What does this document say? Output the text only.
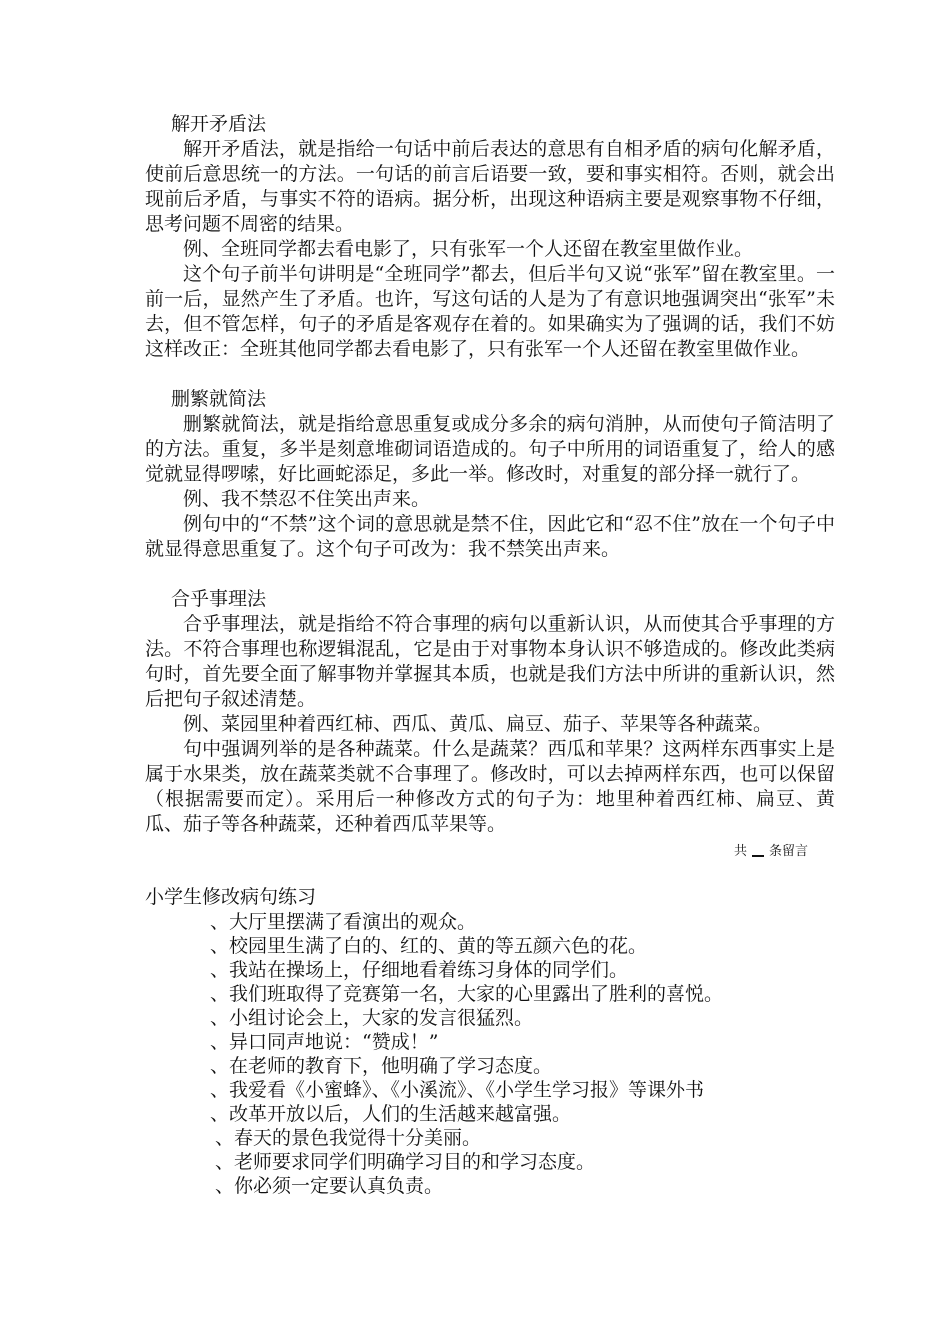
解开矛盾法

解开矛盾法，就是指给一句话中前后表达的意思有自相矛盾的病句化解矛盾，使前后意思统一的方法。一句话的前言后语要一致，要和事实相符。否则，就会出现前后矛盾，与事实不符的语病。据分析，出现这种语病主要是观察事物不仔细，思考问题不周密的结果。

例、全班同学都去看电影了，只有张军一个人还留在教室里做作业。

这个句子前半句讲明是“全班同学”都去，但后半句又说“张军”留在教室里。一前一后，显然产生了矛盾。也许，写这句话的人是为了有意识地强调突出“张军”未去，但不管怎样，句子的矛盾是客观存在着的。如果确实为了强调的话，我们不妨这样改正：全班其他同学都去看电影了，只有张军一个人还留在教室里做作业。

删繁就简法

删繁就简法，就是指给意思重复或成分多余的病句消肿，从而使句子简洁明了的方法。重复，多半是刻意堆砌词语造成的。句子中所用的词语重复了，给人的感觉就显得啰嗦，好比画蛇添足，多此一举。修改时，对重复的部分择一就行了。

例、我不禁忍不住笑出声来。

例句中的“不禁”这个词的意思就是禁不住，因此它和“忍不住”放在一个句子中就显得意思重复了。这个句子可改为：我不禁笑出声来。

合乎事理法

合乎事理法，就是指给不符合事理的病句以重新认识，从而使其合乎事理的方法。不符合事理也称逻辑混乱，它是由于对事物本身认识不够造成的。修改此类病句时，首先要全面了解事物并掌握其本质，也就是我们方法中所讲的重新认识，然后把句子叙述清楚。

例、菜园里种着西红柿、西瓜、黄瓜、扁豆、茄子、苹果等各种蔬菜。

句中强调列举的是各种蔬菜。什么是蔬菜？西瓜和苹果？这两样东西事实上是属于水果类，放在蔬菜类就不合事理了。修改时，可以去掉两样东西，也可以保留（根据需要而定）。采用后一种修改方式的句子为：地里种着西红柿、扁豆、黄瓜、茄子等各种蔬菜，还种着西瓜苹果等。

共 条留言

小学生修改病句练习

、大厅里摆满了看演出的观众。
、校园里生满了白的、红的、黄的等五颜六色的花。
、我站在操场上，仔细地看着练习身体的同学们。
、我们班取得了竞赛第一名，大家的心里露出了胜利的喜悦。
、小组讨论会上，大家的发言很猛烈。
、异口同声地说：“赞成！”
、在老师的教育下，他明确了学习态度。
、我爱看《小蜜蜂》、《小溪流》、《小学生学习报》等课外书
、改革开放以后，人们的生活越来越富强。
、春天的景色我觉得十分美丽。
、老师要求同学们明确学习目的和学习态度。
、你必须一定要认真负责。
